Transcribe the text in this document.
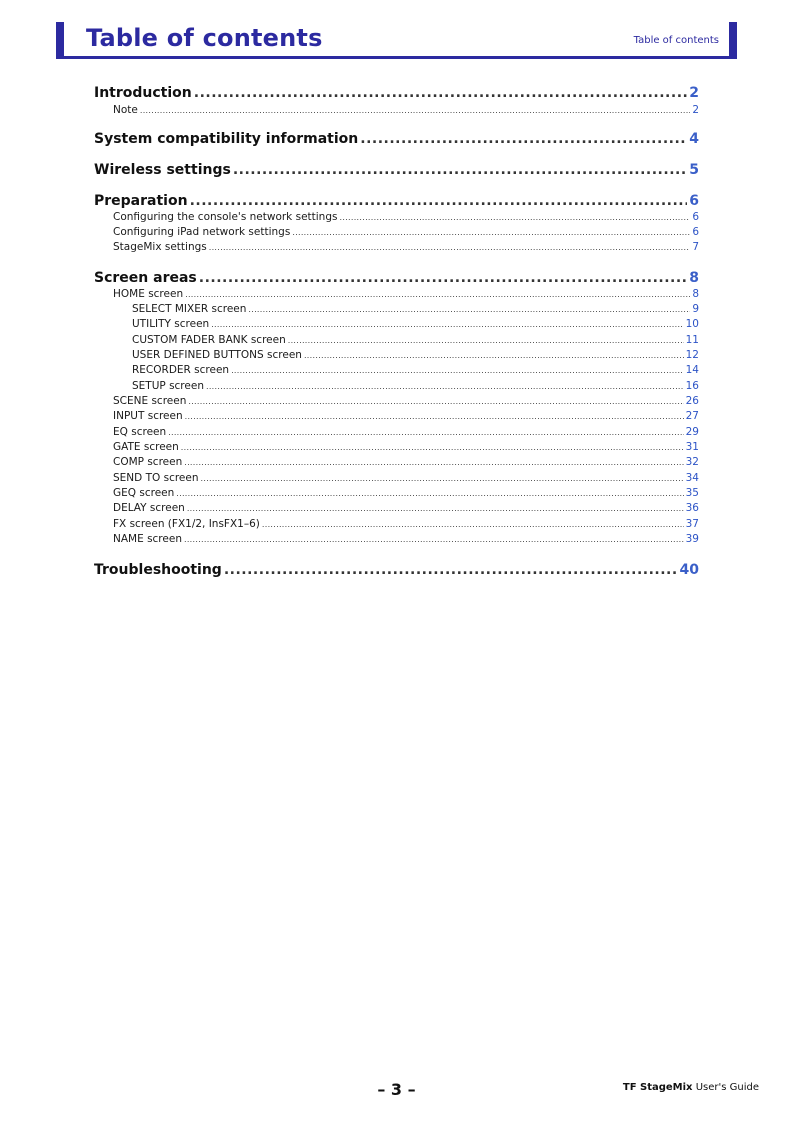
Table of contents	Table of contents
Introduction .....	2
Note .....	2
System compatibility information .....	4
Wireless settings .....	5
Preparation .....	6
Configuring the console's network settings .....	6
Configuring iPad network settings .....	6
StageMix settings .....	7
Screen areas .....	8
HOME screen .....	8
SELECT MIXER screen .....	9
UTILITY screen .....	10
CUSTOM FADER BANK screen .....	11
USER DEFINED BUTTONS screen .....	12
RECORDER screen .....	14
SETUP screen .....	16
SCENE screen .....	26
INPUT screen .....	27
EQ screen .....	29
GATE screen .....	31
COMP screen .....	32
SEND TO screen .....	34
GEQ screen .....	35
DELAY screen .....	36
FX screen (FX1/2, InsFX1–6) .....	37
NAME screen .....	39
Troubleshooting .....	40
– 3 –	TF StageMix User's Guide
